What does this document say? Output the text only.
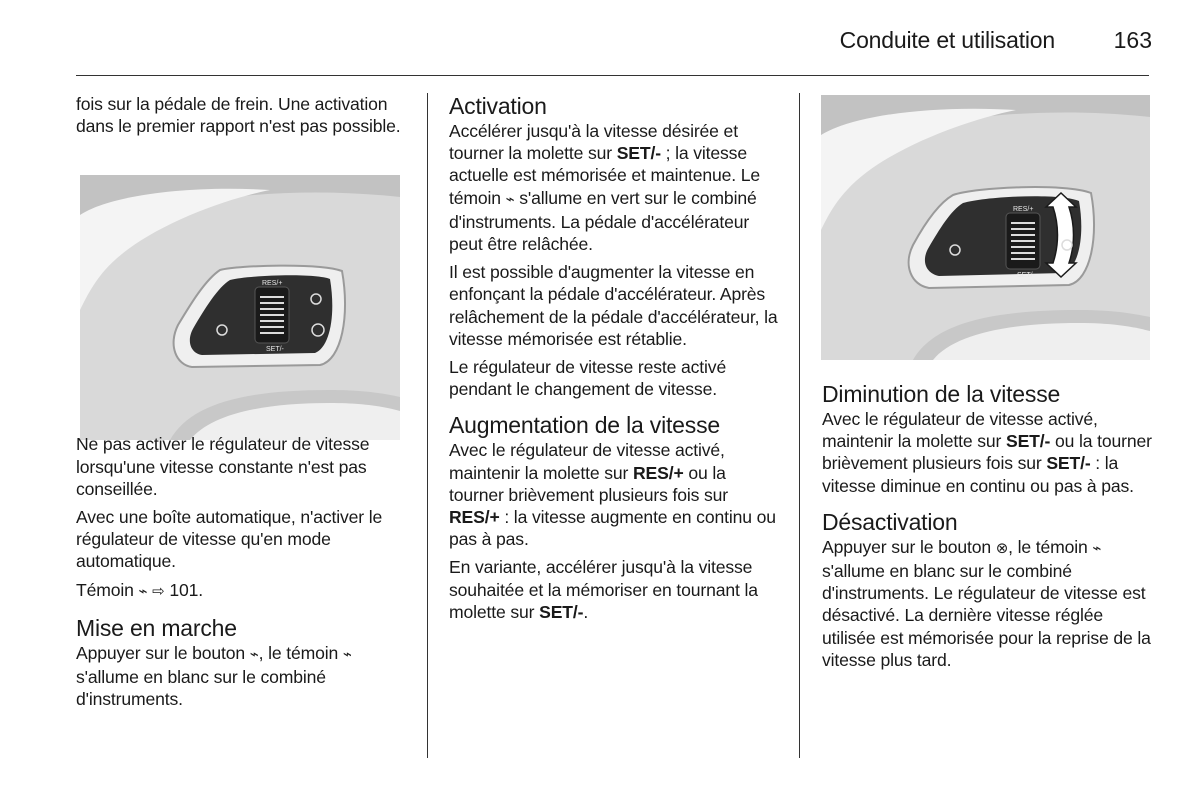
Conduite et utilisation	163
RES/+
SET/-
RES/+
SET/-

fois sur la pédale de frein. Une activation dans le premier rapport n'est pas possible.

Ne pas activer le régulateur de vitesse lorsqu'une vitesse constante n'est pas conseillée.

Avec une boîte automatique, n'activer le régulateur de vitesse qu'en mode automatique.

Témoin ⌁ ⇨ 101.

Mise en marche

Appuyer sur le bouton ⌁, le témoin ⌁ s'allume en blanc sur le combiné d'instruments.

Activation

Accélérer jusqu'à la vitesse désirée et tourner la molette sur SET/- ; la vitesse actuelle est mémorisée et maintenue. Le témoin ⌁ s'allume en vert sur le combiné d'instruments. La pédale d'accélérateur peut être relâchée.

Il est possible d'augmenter la vitesse en enfonçant la pédale d'accélérateur. Après relâchement de la pédale d'accélérateur, la vitesse mémorisée est rétablie.

Le régulateur de vitesse reste activé pendant le changement de vitesse.

Augmentation de la vitesse

Avec le régulateur de vitesse activé, maintenir la molette sur RES/+ ou la tourner brièvement plusieurs fois sur RES/+ : la vitesse augmente en continu ou pas à pas.

En variante, accélérer jusqu'à la vitesse souhaitée et la mémoriser en tournant la molette sur SET/-.

Diminution de la vitesse

Avec le régulateur de vitesse activé, maintenir la molette sur SET/- ou la tourner brièvement plusieurs fois sur SET/- : la vitesse diminue en continu ou pas à pas.

Désactivation

Appuyer sur le bouton ⊗, le témoin ⌁ s'allume en blanc sur le combiné d'instruments. Le régulateur de vitesse est désactivé. La dernière vitesse réglée utilisée est mémorisée pour la reprise de la vitesse plus tard.
